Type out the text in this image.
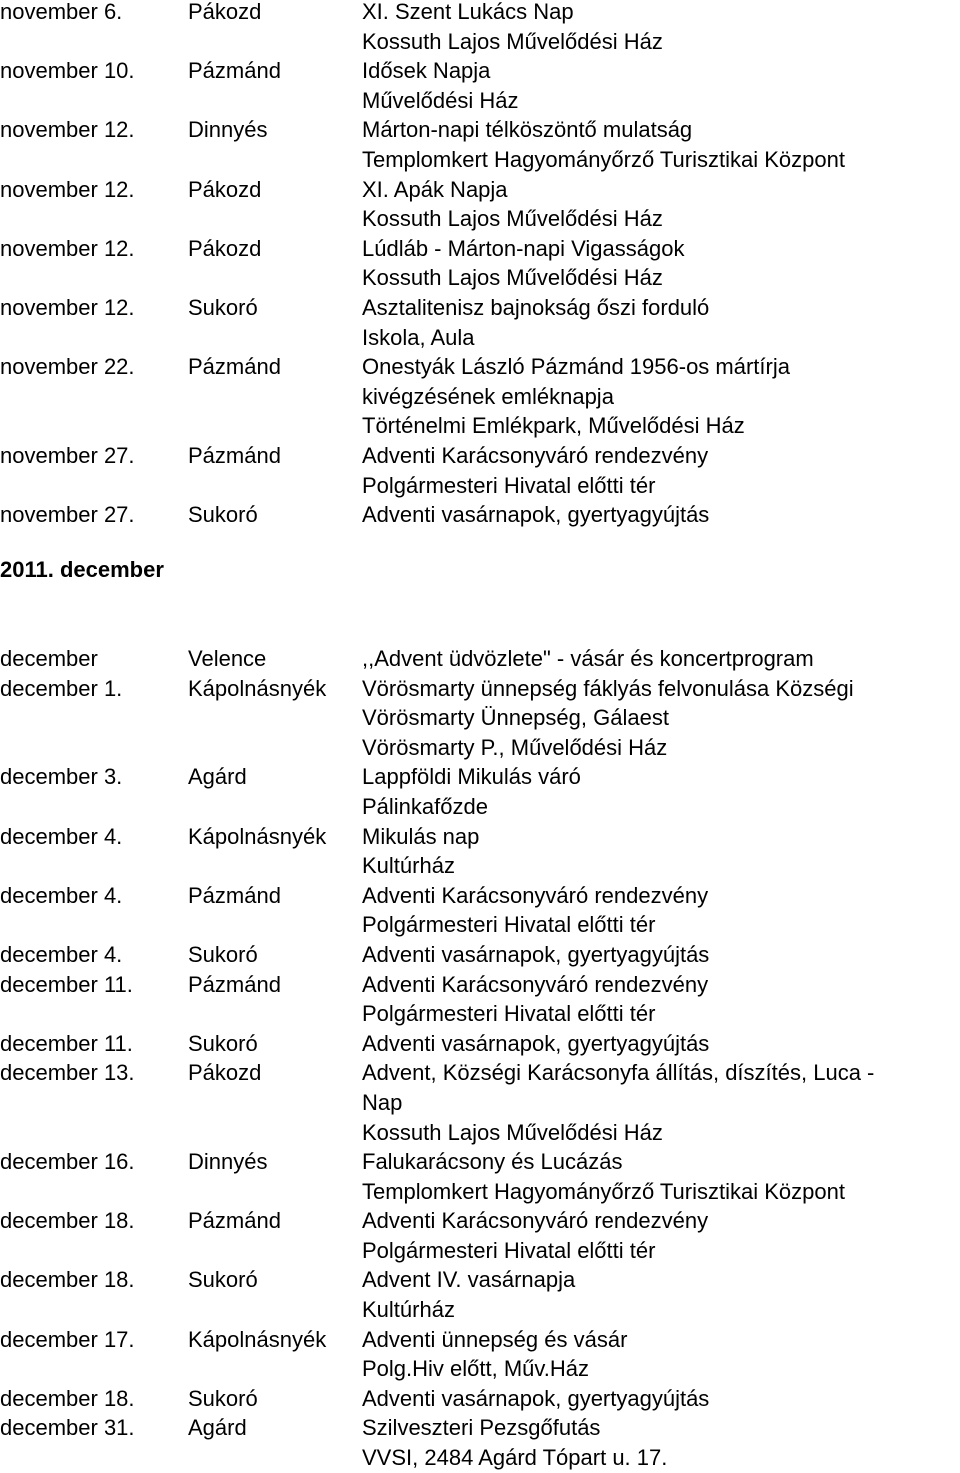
november 6.	Pákozd	XI. Szent Lukács Nap
Kossuth Lajos Művelődési Ház
november 10.	Pázmánd	Idősek Napja
Művelődési Ház
november 12.	Dinnyés	Márton-napi télköszöntő mulatság
Templomkert Hagyományőrző Turisztikai Központ
november 12.	Pákozd	XI. Apák Napja
Kossuth Lajos Művelődési Ház
november 12.	Pákozd	Lúdláb - Márton-napi Vigasságok
Kossuth Lajos Művelődési Ház
november 12.	Sukoró	Asztalitenisz bajnokság őszi forduló
Iskola, Aula
november 22.	Pázmánd	Onestyák László Pázmánd 1956-os mártírja
kivégzésének emléknapja
Történelmi Emlékpark, Művelődési Ház
november 27.	Pázmánd	Adventi Karácsonyváró rendezvény
Polgármesteri Hivatal előtti tér
november 27.	Sukoró	Adventi vasárnapok, gyertyagyújtás
2011. december
december	Velence	,,Advent üdvözlete" - vásár és koncertprogram
december 1.	Kápolnásnyék	Vörösmarty ünnepség fáklyás felvonulása Községi
Vörösmarty Ünnepség, Gálaest
Vörösmarty P., Művelődési Ház
december 3.	Agárd	Lappföldi Mikulás váró
Pálinkafőzde
december 4.	Kápolnásnyék	Mikulás nap
Kultúrház
december 4.	Pázmánd	Adventi Karácsonyváró rendezvény
Polgármesteri Hivatal előtti tér
december 4.	Sukoró	Adventi vasárnapok, gyertyagyújtás
december 11.	Pázmánd	Adventi Karácsonyváró rendezvény
Polgármesteri Hivatal előtti tér
december 11.	Sukoró	Adventi vasárnapok, gyertyagyújtás
december 13.	Pákozd	Advent, Községi Karácsonyfa állítás, díszítés, Luca -
Nap
Kossuth Lajos Művelődési Ház
december 16.	Dinnyés	Falukarácsony és Lucázás
Templomkert Hagyományőrző Turisztikai Központ
december 18.	Pázmánd	Adventi Karácsonyváró rendezvény
Polgármesteri Hivatal előtti tér
december 18.	Sukoró	Advent IV. vasárnapja
Kultúrház
december 17.	Kápolnásnyék	Adventi ünnepség és vásár
Polg.Hiv előtt, Műv.Ház
december 18.	Sukoró	Adventi vasárnapok, gyertyagyújtás
december 31.	Agárd	Szilveszteri Pezsgőfutás
VVSI, 2484 Agárd Tópart u. 17.
